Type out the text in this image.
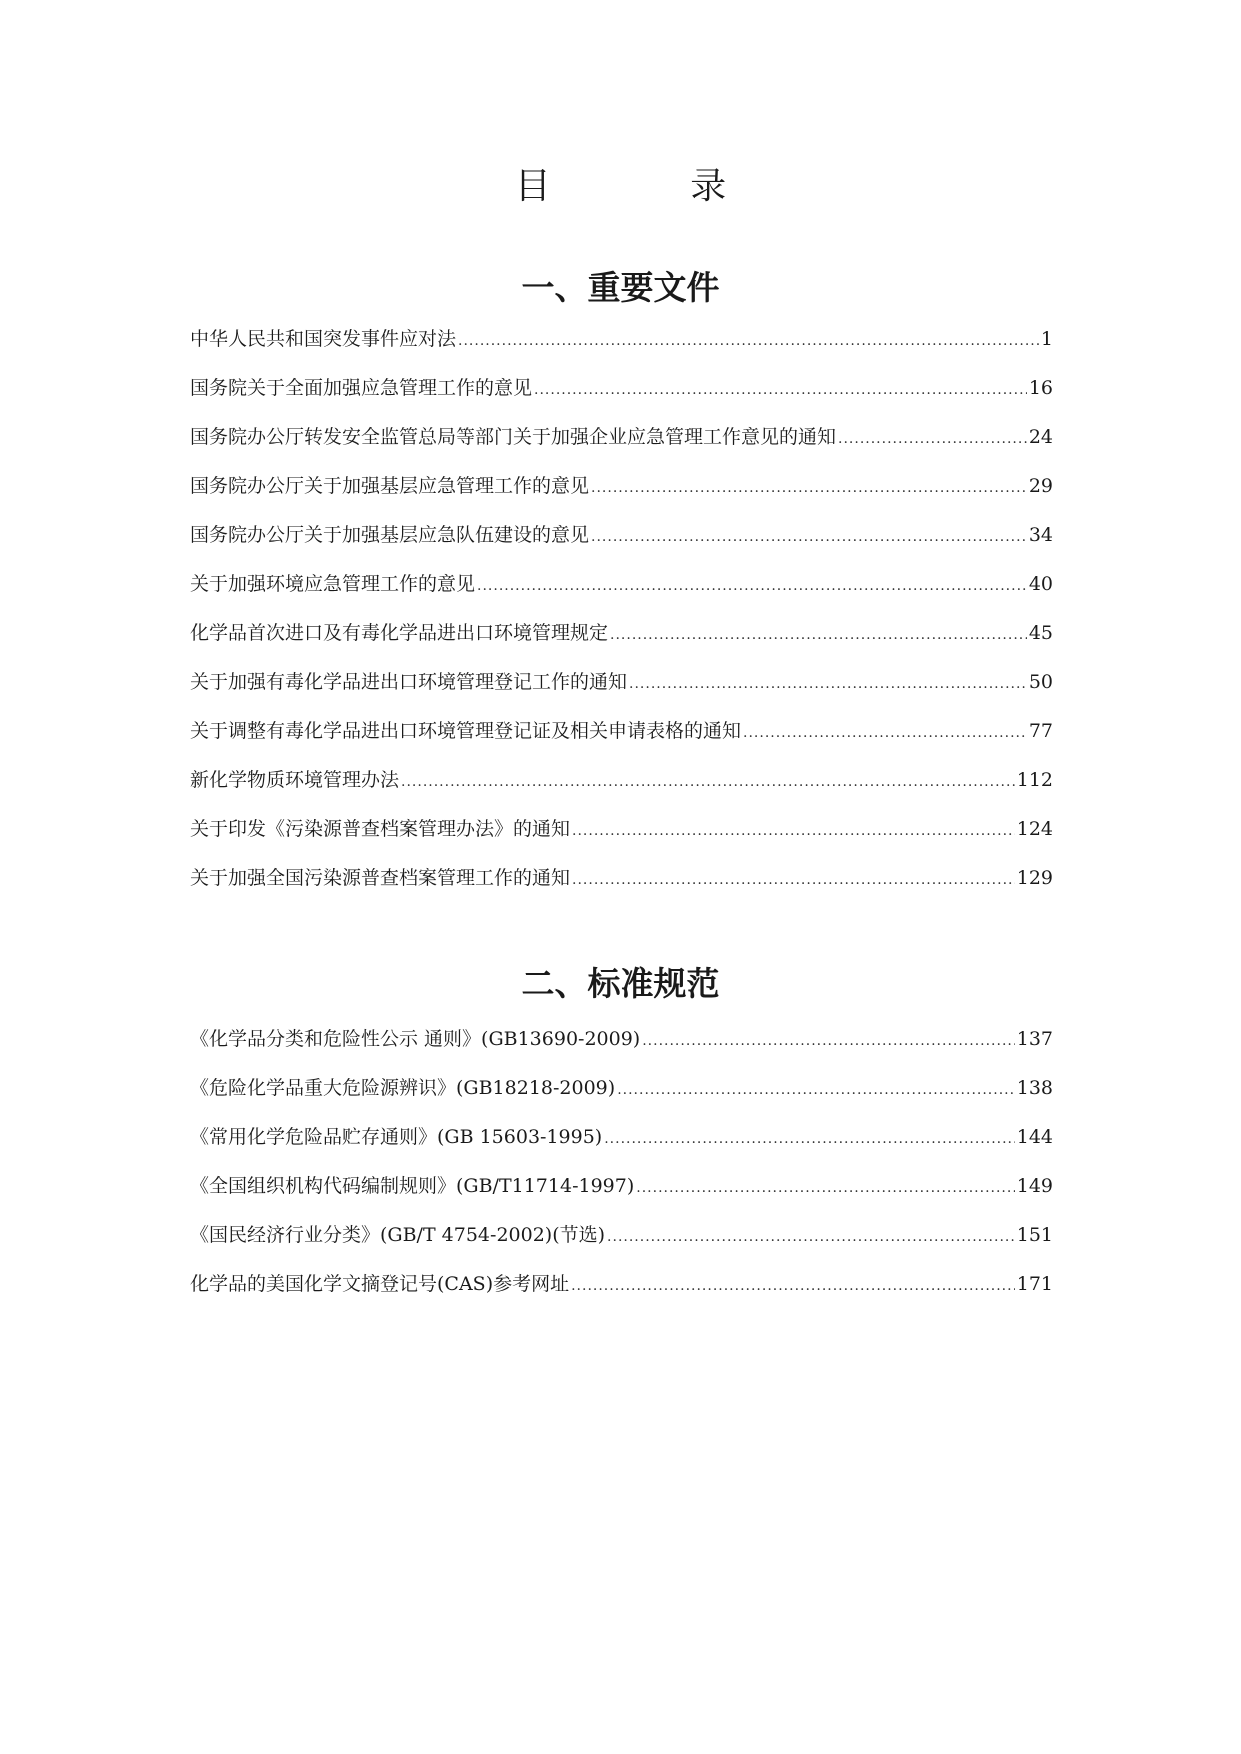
目 录
一、重要文件
中华人民共和国突发事件应对法 .....	1
国务院关于全面加强应急管理工作的意见 .....	16
国务院办公厅转发安全监管总局等部门关于加强企业应急管理工作意见的通知 .....	24
国务院办公厅关于加强基层应急管理工作的意见 .....	29
国务院办公厅关于加强基层应急队伍建设的意见 .....	34
关于加强环境应急管理工作的意见 .....	40
化学品首次进口及有毒化学品进出口环境管理规定 .....	45
关于加强有毒化学品进出口环境管理登记工作的通知 .....	50
关于调整有毒化学品进出口环境管理登记证及相关申请表格的通知 .....	77
新化学物质环境管理办法 .....	112
关于印发《污染源普查档案管理办法》的通知 .....	124
关于加强全国污染源普查档案管理工作的通知 .....	129
二、标准规范
《化学品分类和危险性公示 通则》(GB13690-2009) .....	137
《危险化学品重大危险源辨识》(GB18218-2009) .....	138
《常用化学危险品贮存通则》(GB 15603-1995) .....	144
《全国组织机构代码编制规则》(GB/T11714-1997) .....	149
《国民经济行业分类》(GB/T 4754-2002)(节选) .....	151
化学品的美国化学文摘登记号(CAS)参考网址 .....	171
